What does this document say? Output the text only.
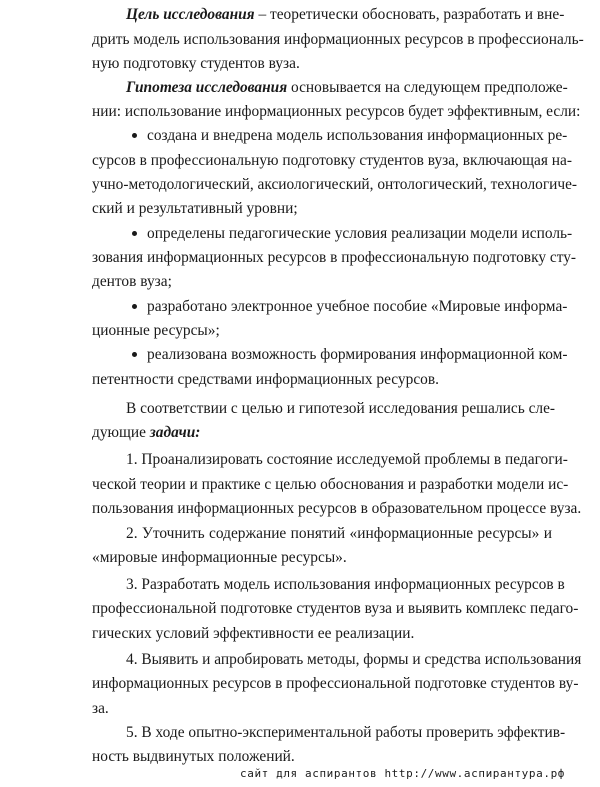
Цель исследования – теоретически обосновать, разработать и вне-
дрить модель использования информационных ресурсов в профессиональ-
ную подготовку студентов вуза.
Гипотеза исследования основывается на следующем предположе-
нии: использование информационных ресурсов будет эффективным, если:
создана и внедрена модель использования информационных ре-
сурсов в профессиональную подготовку студентов вуза, включающая на-
учно-методологический, аксиологический, онтологический, технологиче-
ский и результативный уровни;
определены педагогические условия реализации модели исполь-
зования информационных ресурсов в профессиональную подготовку сту-
дентов вуза;
разработано электронное учебное пособие «Мировые информа-
ционные ресурсы»;
реализована возможность формирования информационной ком-
петентности средствами информационных ресурсов.
В соответствии с целью и гипотезой исследования решались сле-
дующие задачи:
1. Проанализировать состояние исследуемой проблемы в педагоги-
ческой теории и практике с целью обоснования и разработки модели ис-
пользования информационных ресурсов в образовательном процессе вуза.
2. Уточнить содержание понятий «информационные ресурсы» и
«мировые информационные ресурсы».
3. Разработать модель использования информационных ресурсов в
профессиональной подготовке студентов вуза и выявить комплекс педаго-
гических условий эффективности ее реализации.
4. Выявить и апробировать методы, формы и средства использования
информационных ресурсов в профессиональной подготовке студентов ву-
за.
5. В ходе опытно-экспериментальной работы проверить эффектив-
ность выдвинутых положений.
сайт для аспирантов http://www.аспирантура.рф
